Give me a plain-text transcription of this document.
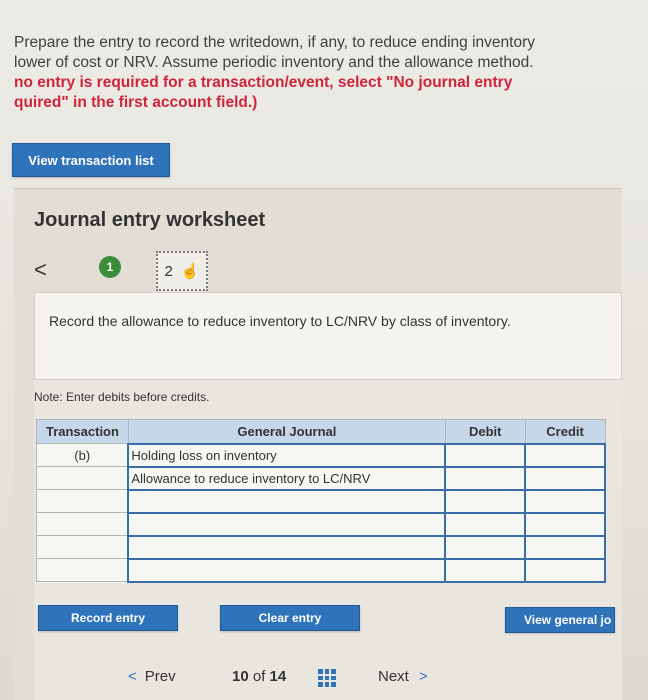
Prepare the entry to record the writedown, if any, to reduce ending inventory
lower of cost or NRV. Assume periodic inventory and the allowance method.
no entry is required for a transaction/event, select "No journal entry
quired" in the first account field.)
View transaction list
Journal entry worksheet
<	1	2 ☝
Record the allowance to reduce inventory to LC/NRV by class of inventory.
Note: Enter debits before credits.
Transaction	General Journal	Debit	Credit
(b)	Holding loss on inventory		
	Allowance to reduce inventory to LC/NRV		

Record entry	Clear entry	View general jo
< Prev	10 of 14	Next >
